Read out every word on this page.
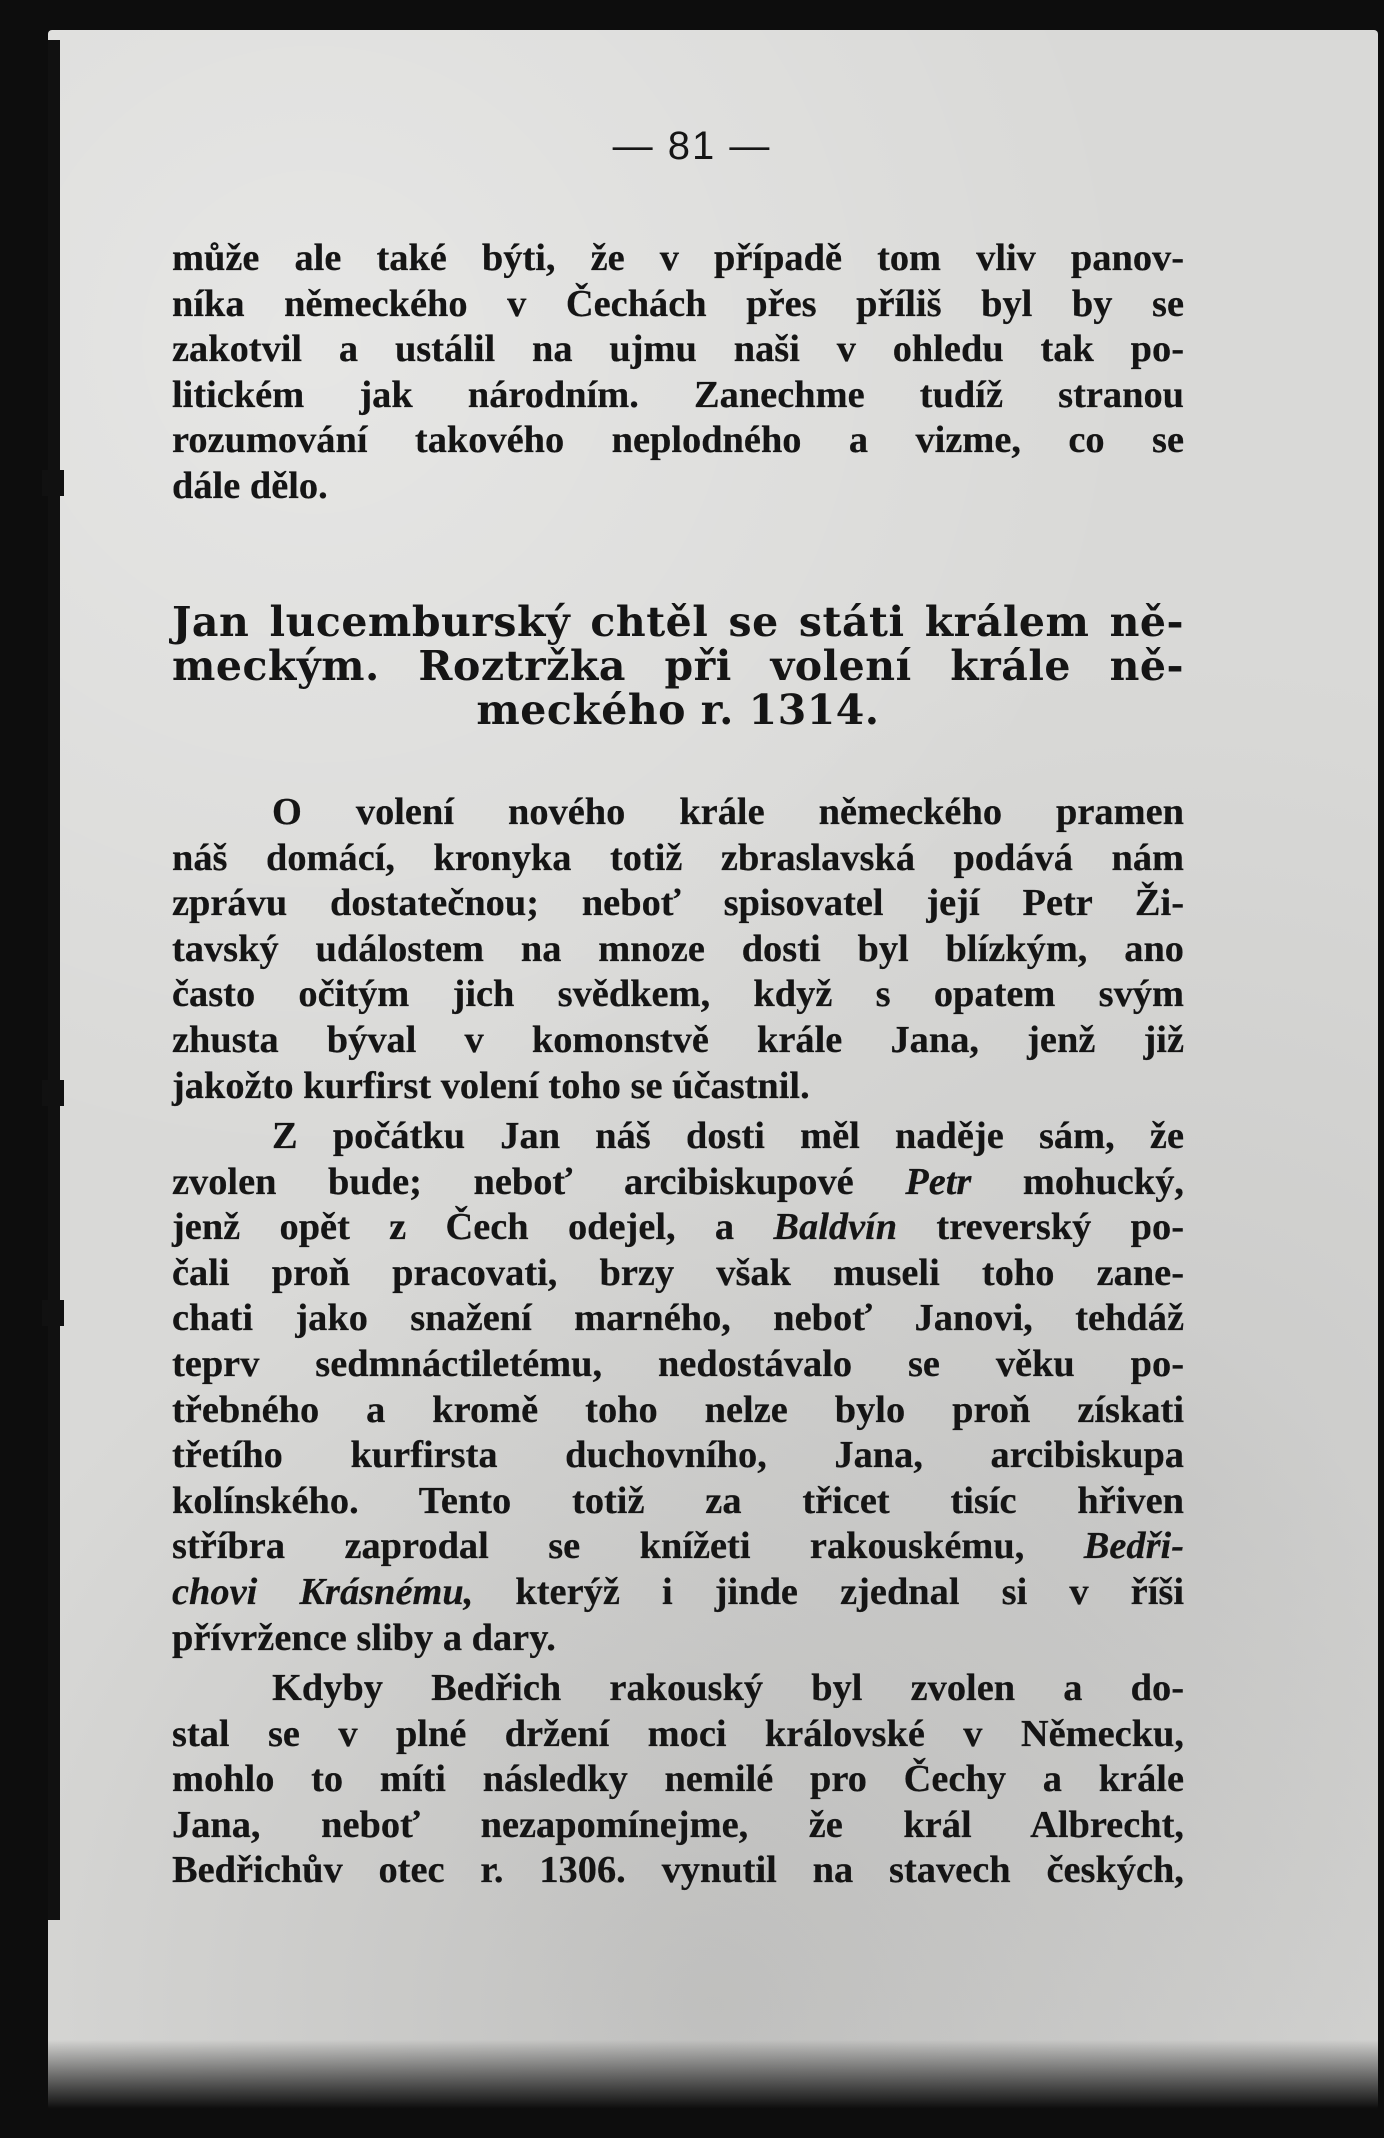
— 81 —
může ale také býti, že v případě tom vliv panov-
níka německého v Čechách přes příliš byl by se
zakotvil a ustálil na ujmu naši v ohledu tak po-
litickém jak národním. Zanechme tudíž stranou
rozumování takového neplodného a vizme, co se
dále dělo.
Jan lucemburský chtěl se státi králem ně-
meckým. Roztržka při volení krále ně-
meckého r. 1314.
O volení nového krále německého pramen
náš domácí, kronyka totiž zbraslavská podává nám
zprávu dostatečnou; neboť spisovatel její Petr Ži-
tavský událostem na mnoze dosti byl blízkým, ano
často očitým jich svědkem, když s opatem svým
zhusta býval v komonstvě krále Jana, jenž již
jakožto kurfirst volení toho se účastnil.
Z počátku Jan náš dosti měl naděje sám, že
zvolen bude; neboť arcibiskupové Petr mohucký,
jenž opět z Čech odejel, a Baldvín treverský po-
čali proň pracovati, brzy však museli toho zane-
chati jako snažení marného, neboť Janovi, tehdáž
teprv sedmnáctiletému, nedostávalo se věku po-
třebného a kromě toho nelze bylo proň získati
třetího kurfirsta duchovního, Jana, arcibiskupa
kolínského. Tento totiž za třicet tisíc hřiven
stříbra zaprodal se knížeti rakouskému, Bedři-
chovi Krásnému, kterýž i jinde zjednal si v říši
přívržence sliby a dary.
Kdyby Bedřich rakouský byl zvolen a do-
stal se v plné držení moci královské v Německu,
mohlo to míti následky nemilé pro Čechy a krále
Jana, neboť nezapomínejme, že král Albrecht,
Bedřichův otec r. 1306. vynutil na stavech českých,
